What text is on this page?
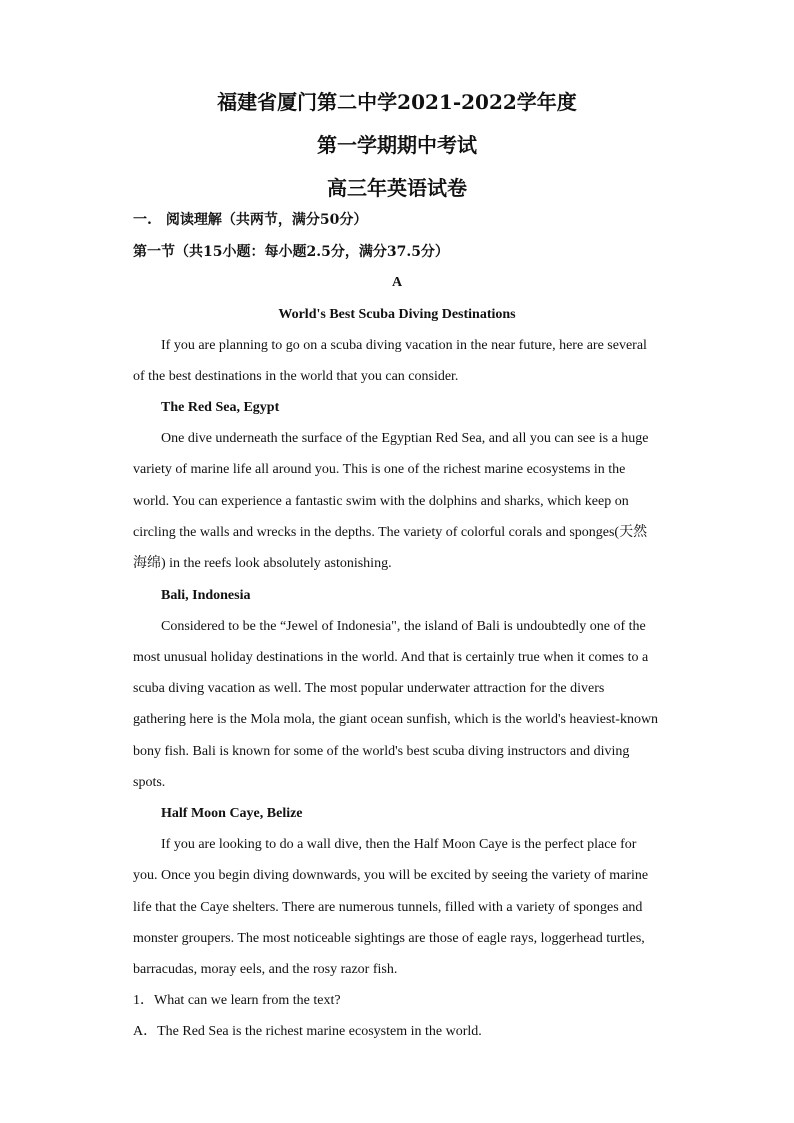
福建省厦门第二中学2021-2022学年度
第一学期期中考试
高三年英语试卷

一.　阅读理解（共两节，满分50分）

第一节（共15小题：每小题2.5分，满分37.5分）

A

World's Best Scuba Diving Destinations

If you are planning to go on a scuba diving vacation in the near future, here are several

of the best destinations in the world that you can consider.

The Red Sea, Egypt

One dive underneath the surface of the Egyptian Red Sea, and all you can see is a huge

variety of marine life all around you. This is one of the richest marine ecosystems in the

world. You can experience a fantastic swim with the dolphins and sharks, which keep on

circling the walls and wrecks in the depths. The variety of colorful corals and sponges(天然

海绵) in the reefs look absolutely astonishing.

Bali, Indonesia

Considered to be the “Jewel of Indonesia", the island of Bali is undoubtedly one of the

most unusual holiday destinations in the world. And that is certainly true when it comes to a

scuba diving vacation as well. The most popular underwater attraction for the divers

gathering here is the Mola mola, the giant ocean sunfish, which is the world's heaviest-known

bony fish. Bali is known for some of the world's best scuba diving instructors and diving

spots.

Half Moon Caye, Belize

If you are looking to do a wall dive, then the Half Moon Caye is the perfect place for

you. Once you begin diving downwards, you will be excited by seeing the variety of marine

life that the Caye shelters. There are numerous tunnels, filled with a variety of sponges and

monster groupers. The most noticeable sightings are those of eagle rays, loggerhead turtles,

barracudas, moray eels, and the rosy razor fish.

1．What can we learn from the text?

A．The Red Sea is the richest marine ecosystem in the world.
